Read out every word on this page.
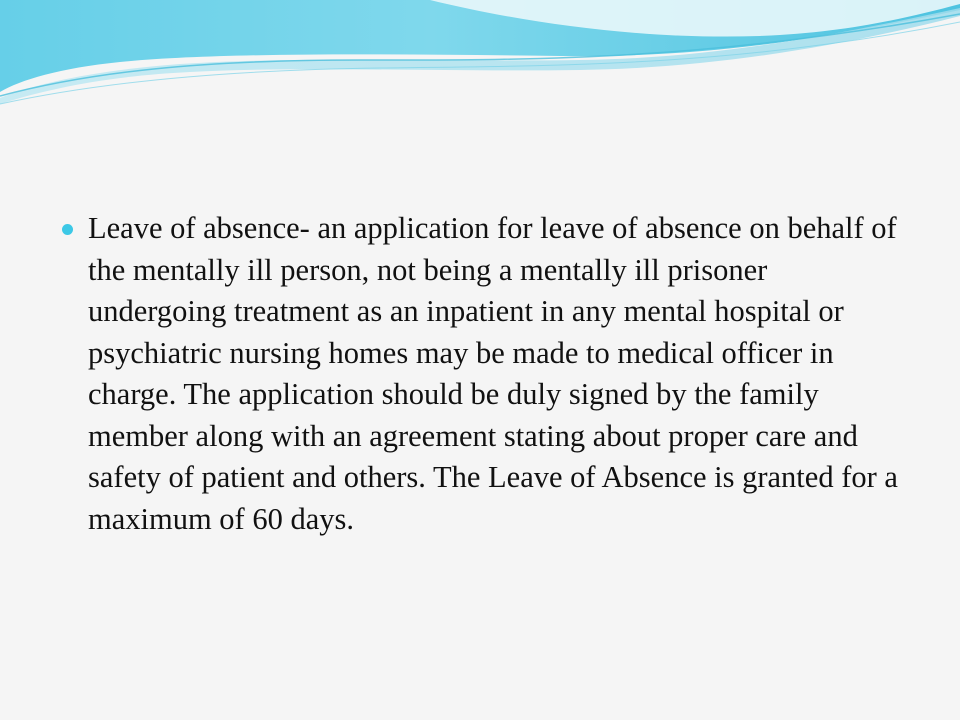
Leave of absence- an application for leave of absence on behalf of the mentally ill person, not being a mentally ill prisoner undergoing treatment as an inpatient in any mental hospital or psychiatric nursing homes may be made to medical officer in charge. The application should be duly signed by the family member along with an agreement stating about proper care and safety of patient and others. The Leave of Absence is granted for a maximum of 60 days.
